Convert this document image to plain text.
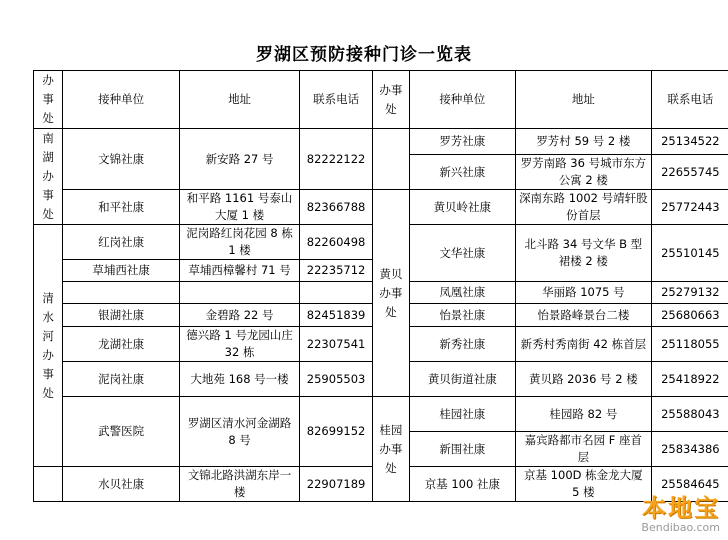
罗湖区预防接种门诊一览表
办事处	接种单位	地址	联系电话	办事处	接种单位	地址	联系电话
南湖办事处	文锦社康	新安路 27 号	82222122		罗芳社康	罗芳村 59 号 2 楼	25134522
					新兴社康	罗芳南路 36 号城市东方公寓 2 楼	22655745
	和平社康	和平路 1161 号泰山大厦 1 楼	82366788	黄贝办事处	黄贝岭社康	深南东路 1002 号靖轩股份首层	25772443
清水河办事处	红岗社康	泥岗路红岗花园 8 栋 1 楼	82260498		文华社康	北斗路 34 号文华 B 型裙楼 2 楼	25510145
	草埔西社康	草埔西樟馨村 71 号	22235712				
					凤凰社康	华丽路 1075 号	25279132
	银湖社康	金碧路 22 号	82451839		怡景社康	怡景路峰景台二楼	25680663
	龙湖社康	德兴路 1 号龙园山庄 32 栋	22307541		新秀社康	新秀村秀南街 42 栋首层	25118055
	泥岗社康	大地苑 168 号一楼	25905503		黄贝街道社康	黄贝路 2036 号 2 楼	25418922
	武警医院	罗湖区清水河金湖路 8 号	82699152	桂园办事处	桂园社康	桂园路 82 号	25588043
					新围社康	嘉宾路都市名园 F 座首层	25834386
	水贝社康	文锦北路洪湖东岸一楼	22907189		京基 100 社康	京基 100D 栋金龙大厦 5 楼	25584645
本地宝
Bendibao.com
